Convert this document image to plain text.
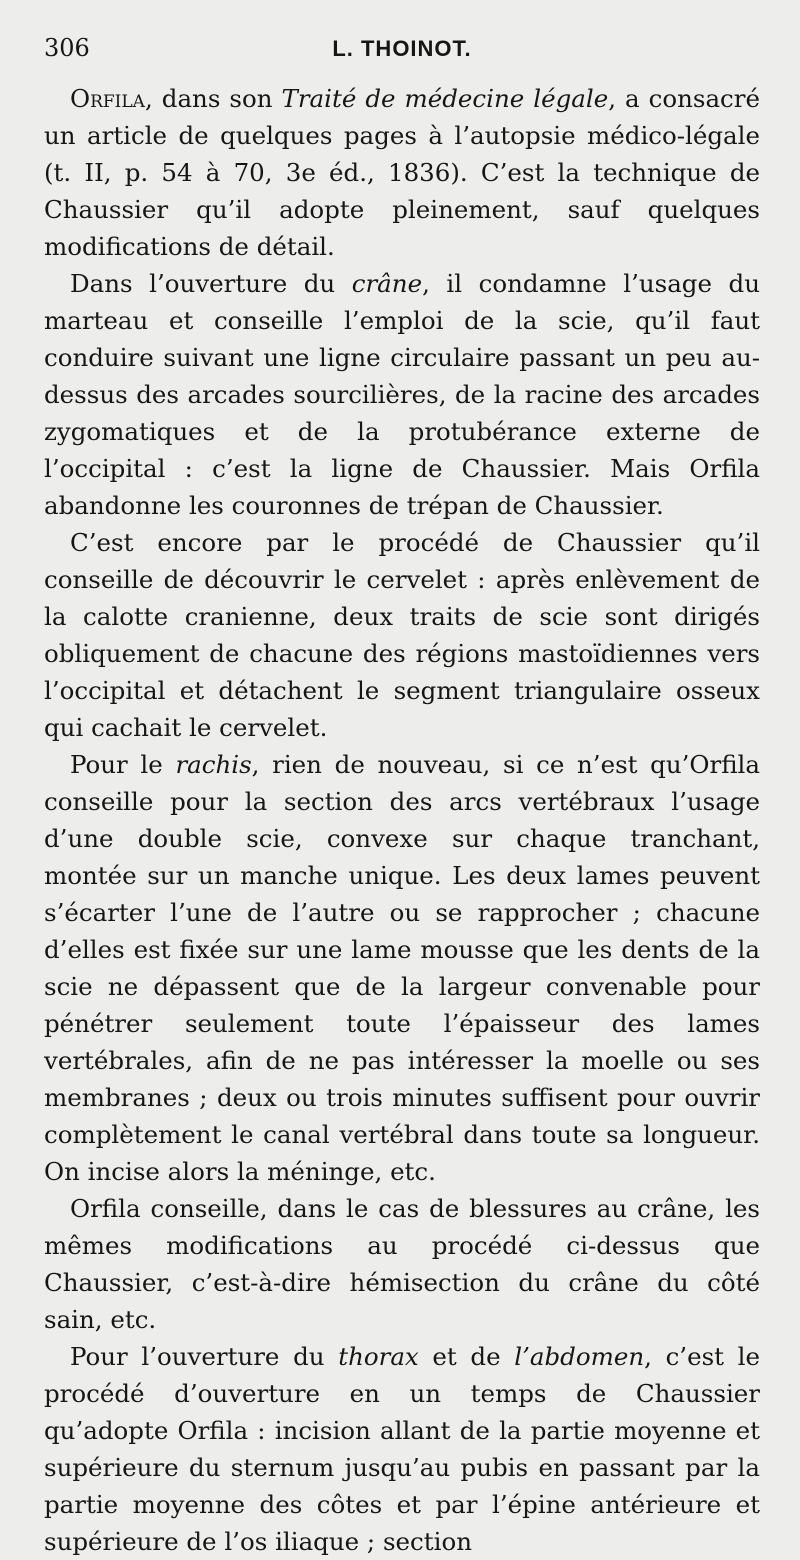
306	L. THOINOT.

Orfila, dans son Traité de médecine légale, a consacré un article de quelques pages à l’autopsie médico-légale (t. II, p. 54 à 70, 3e éd., 1836). C’est la technique de Chaussier qu’il adopte pleinement, sauf quelques modifications de détail.

Dans l’ouverture du crâne, il condamne l’usage du marteau et conseille l’emploi de la scie, qu’il faut conduire suivant une ligne circulaire passant un peu au-dessus des arcades sourcilières, de la racine des arcades zygomatiques et de la protubérance externe de l’occipital : c’est la ligne de Chaussier. Mais Orfila abandonne les couronnes de trépan de Chaussier.

C’est encore par le procédé de Chaussier qu’il conseille de découvrir le cervelet : après enlèvement de la calotte cranienne, deux traits de scie sont dirigés obliquement de chacune des régions mastoïdiennes vers l’occipital et détachent le segment triangulaire osseux qui cachait le cervelet.

Pour le rachis, rien de nouveau, si ce n’est qu’Orfila conseille pour la section des arcs vertébraux l’usage d’une double scie, convexe sur chaque tranchant, montée sur un manche unique. Les deux lames peuvent s’écarter l’une de l’autre ou se rapprocher ; chacune d’elles est fixée sur une lame mousse que les dents de la scie ne dépassent que de la largeur convenable pour pénétrer seulement toute l’épaisseur des lames vertébrales, afin de ne pas intéresser la moelle ou ses membranes ; deux ou trois minutes suffisent pour ouvrir complètement le canal vertébral dans toute sa longueur. On incise alors la méninge, etc.

Orfila conseille, dans le cas de blessures au crâne, les mêmes modifications au procédé ci-dessus que Chaussier, c’est-à-dire hémisection du crâne du côté sain, etc.

Pour l’ouverture du thorax et de l’abdomen, c’est le procédé d’ouverture en un temps de Chaussier qu’adopte Orfila : incision allant de la partie moyenne et supérieure du sternum jusqu’au pubis en passant par la partie moyenne des côtes et par l’épine antérieure et supérieure de l’os iliaque ; section
